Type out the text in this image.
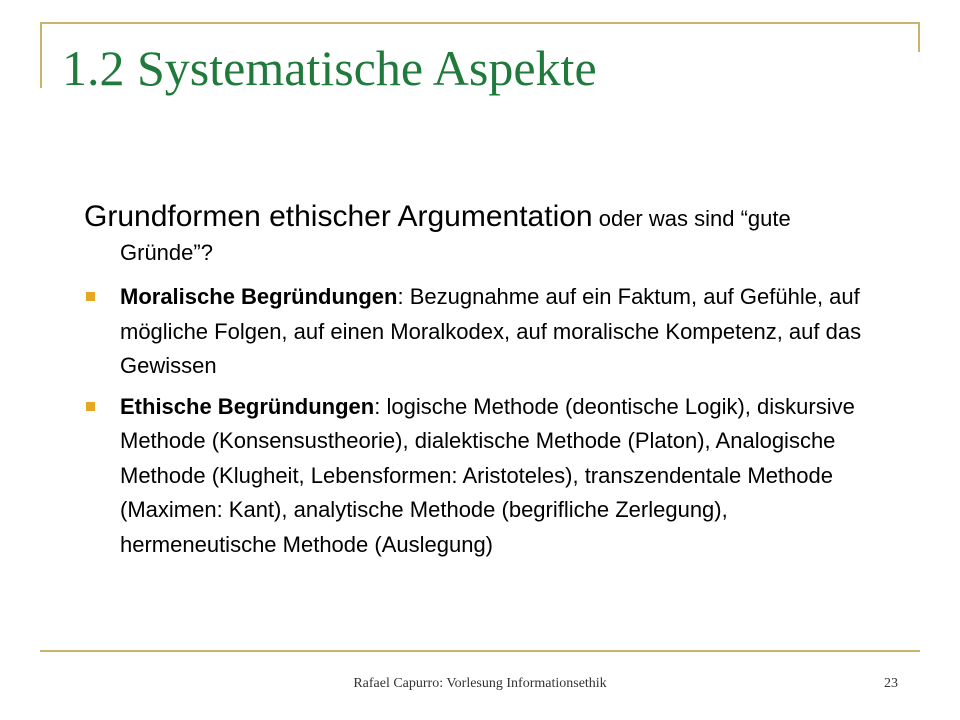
1.2 Systematische Aspekte

Grundformen ethischer Argumentation oder was sind “gute Gründe”?

Moralische Begründungen: Bezugnahme auf ein Faktum, auf Gefühle, auf mögliche Folgen, auf einen Moralkodex, auf moralische Kompetenz, auf das Gewissen
Ethische Begründungen: logische Methode (deontische Logik), diskursive Methode (Konsensustheorie), dialektische Methode (Platon), Analogische Methode (Klugheit, Lebensformen: Aristoteles), transzendentale Methode (Maximen: Kant), analytische Methode (begrifliche Zerlegung), hermeneutische Methode (Auslegung)
Rafael Capurro: Vorlesung Informationsethik	23
